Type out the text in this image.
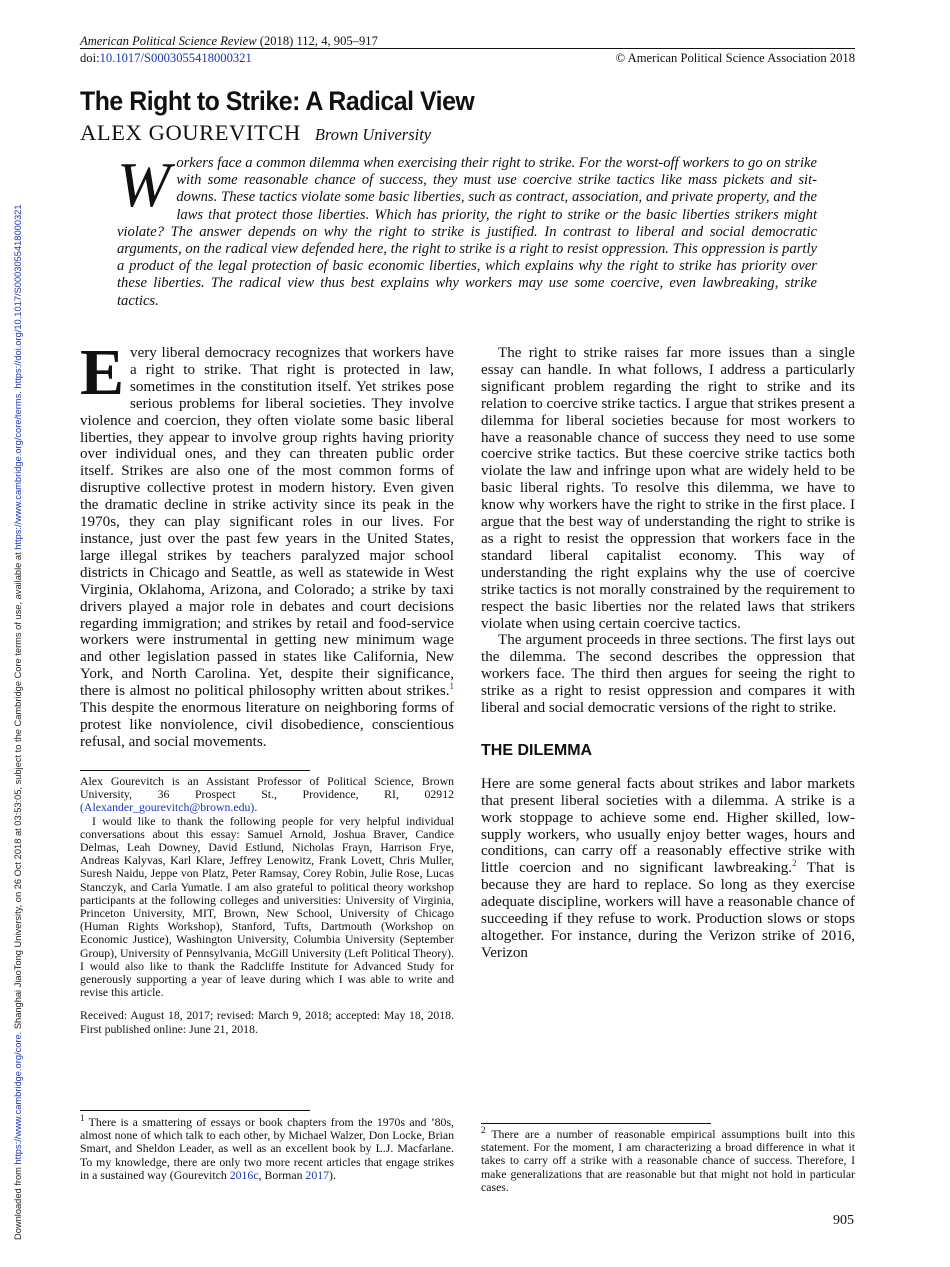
American Political Science Review (2018) 112, 4, 905–917
doi:10.1017/S0003055418000321	© American Political Science Association 2018
Downloaded from https://www.cambridge.org/core. Shanghai JiaoTong University, on 26 Oct 2018 at 03:53:05, subject to the Cambridge Core terms of use, available at https://www.cambridge.org/core/terms. https://doi.org/10.1017/S0003055418000321
The Right to Strike: A Radical View
ALEX GOUREVITCH Brown University
Workers face a common dilemma when exercising their right to strike. For the worst-off workers to go on strike with some reasonable chance of success, they must use coercive strike tactics like mass pickets and sit-downs. These tactics violate some basic liberties, such as contract, association, and private property, and the laws that protect those liberties. Which has priority, the right to strike or the basic liberties strikers might violate? The answer depends on why the right to strike is justified. In contrast to liberal and social democratic arguments, on the radical view defended here, the right to strike is a right to resist oppression. This oppression is partly a product of the legal protection of basic economic liberties, which explains why the right to strike has priority over these liberties. The radical view thus best explains why workers may use some coercive, even lawbreaking, strike tactics.

Every liberal democracy recognizes that workers have a right to strike. That right is protected in law, sometimes in the constitution itself. Yet strikes pose serious problems for liberal societies. They involve violence and coercion, they often violate some basic liberal liberties, they appear to involve group rights having priority over individual ones, and they can threaten public order itself. Strikes are also one of the most common forms of disruptive collective protest in modern history. Even given the dramatic decline in strike activity since its peak in the 1970s, they can play significant roles in our lives. For instance, just over the past few years in the United States, large illegal strikes by teachers paralyzed major school districts in Chicago and Seattle, as well as statewide in West Virginia, Oklahoma, Arizona, and Colorado; a strike by taxi drivers played a major role in debates and court decisions regarding immigration; and strikes by retail and food-service workers were instrumental in getting new minimum wage and other legislation passed in states like California, New York, and North Carolina. Yet, despite their significance, there is almost no political philosophy written about strikes.$^1$ This despite the enormous literature on neighboring forms of protest like nonviolence, civil disobedience, conscientious refusal, and social movements.

The right to strike raises far more issues than a single essay can handle. In what follows, I address a particularly significant problem regarding the right to strike and its relation to coercive strike tactics. I argue that strikes present a dilemma for liberal societies because for most workers to have a reasonable chance of success they need to use some coercive strike tactics. But these coercive strike tactics both violate the law and infringe upon what are widely held to be basic liberal rights. To resolve this dilemma, we have to know why workers have the right to strike in the first place. I argue that the best way of understanding the right to strike is as a right to resist the oppression that workers face in the standard liberal capitalist economy. This way of understanding the right explains why the use of coercive strike tactics is not morally constrained by the requirement to respect the basic liberties nor the related laws that strikers violate when using certain coercive tactics.

The argument proceeds in three sections. The first lays out the dilemma. The second describes the oppression that workers face. The third then argues for seeing the right to strike as a right to resist oppression and compares it with liberal and social democratic versions of the right to strike.

THE DILEMMA

Here are some general facts about strikes and labor markets that present liberal societies with a dilemma. A strike is a work stoppage to achieve some end. Higher skilled, low-supply workers, who usually enjoy better wages, hours and conditions, can carry off a reasonably effective strike with little coercion and no significant lawbreaking.$^2$ That is because they are hard to replace. So long as they exercise adequate discipline, workers will have a reasonable chance of succeeding if they refuse to work. Production slows or stops altogether. For instance, during the Verizon strike of 2016, Verizon

Alex Gourevitch is an Assistant Professor of Political Science, Brown University, 36 Prospect St., Providence, RI, 02912 (Alexander_gourevitch@brown.edu).

I would like to thank the following people for very helpful individual conversations about this essay: Samuel Arnold, Joshua Braver, Candice Delmas, Leah Downey, David Estlund, Nicholas Frayn, Harrison Frye, Andreas Kalyvas, Karl Klare, Jeffrey Lenowitz, Frank Lovett, Chris Muller, Suresh Naidu, Jeppe von Platz, Peter Ramsay, Corey Robin, Julie Rose, Lucas Stanczyk, and Carla Yumatle. I am also grateful to political theory workshop participants at the following colleges and universities: University of Virginia, Princeton University, MIT, Brown, New School, University of Chicago (Human Rights Workshop), Stanford, Tufts, Dartmouth (Workshop on Economic Justice), Washington University, Columbia University (September Group), University of Pennsylvania, McGill University (Left Political Theory). I would also like to thank the Radcliffe Institute for Advanced Study for generously supporting a year of leave during which I was able to write and revise this article.

Received: August 18, 2017; revised: March 9, 2018; accepted: May 18, 2018. First published online: June 21, 2018.

$^1$ There is a smattering of essays or book chapters from the 1970s and ’80s, almost none of which talk to each other, by Michael Walzer, Don Locke, Brian Smart, and Sheldon Leader, as well as an excellent book by L.J. Macfarlane. To my knowledge, there are only two more recent articles that engage strikes in a sustained way (Gourevitch 2016c, Borman 2017).

$^2$ There are a number of reasonable empirical assumptions built into this statement. For the moment, I am characterizing a broad difference in what it takes to carry off a strike with a reasonable chance of success. Therefore, I make generalizations that are reasonable but that might not hold in particular cases.

905
